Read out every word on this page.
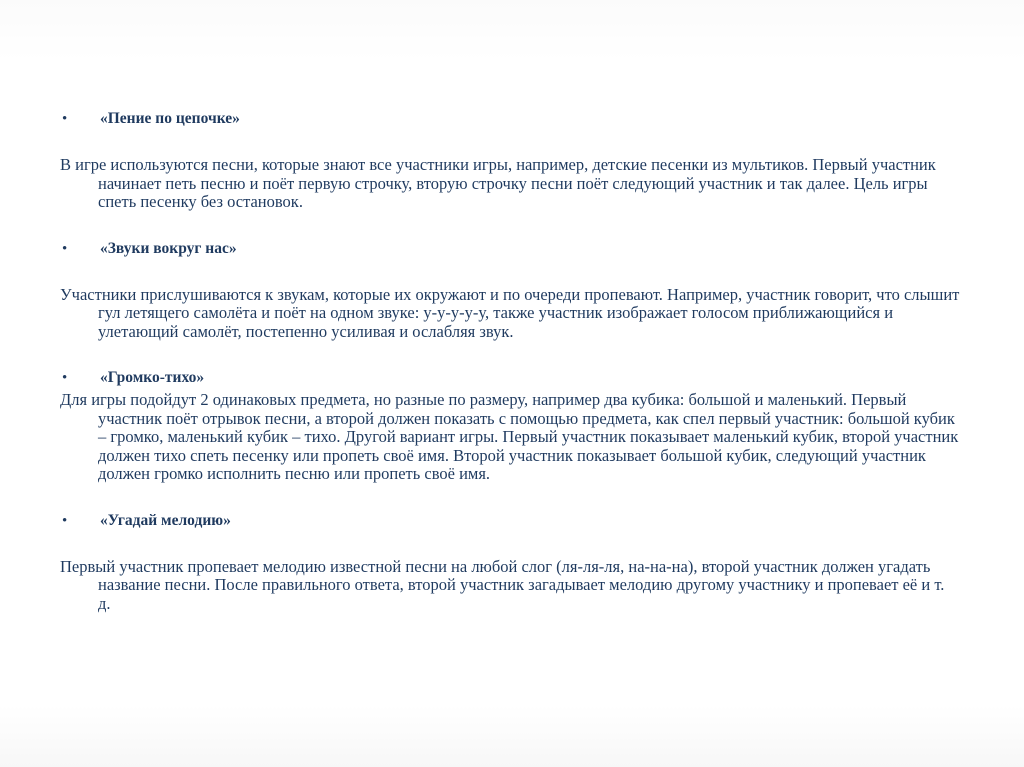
•	«Пение по цепочке»
В игре используются песни, которые знают все участники игры, например, детские песенки из мультиков. Первый участник начинает петь песню и поёт первую строчку, вторую строчку песни поёт следующий участник и так далее. Цель игры спеть песенку без остановок.
•	«Звуки вокруг нас»
Участники прислушиваются к звукам, которые их окружают и по очереди пропевают. Например, участник говорит, что слышит гул летящего самолёта и поёт на одном звуке: у-у-у-у-у, также участник изображает голосом приближающийся и улетающий самолёт, постепенно усиливая и ослабляя звук.
•	«Громко-тихо»
Для игры подойдут 2 одинаковых предмета, но разные по размеру, например два кубика: большой и маленький. Первый участник поёт отрывок песни, а второй должен показать с помощью предмета, как спел первый участник: большой кубик – громко, маленький кубик – тихо. Другой вариант игры. Первый участник показывает маленький кубик, второй участник должен тихо спеть песенку или пропеть своё имя. Второй участник показывает большой кубик, следующий участник должен громко исполнить песню или пропеть своё имя.
•	«Угадай мелодию»
Первый участник пропевает мелодию известной песни на любой слог (ля-ля-ля, на-на-на), второй участник должен угадать название песни. После правильного ответа, второй участник загадывает мелодию другому участнику и пропевает её и т. д.
